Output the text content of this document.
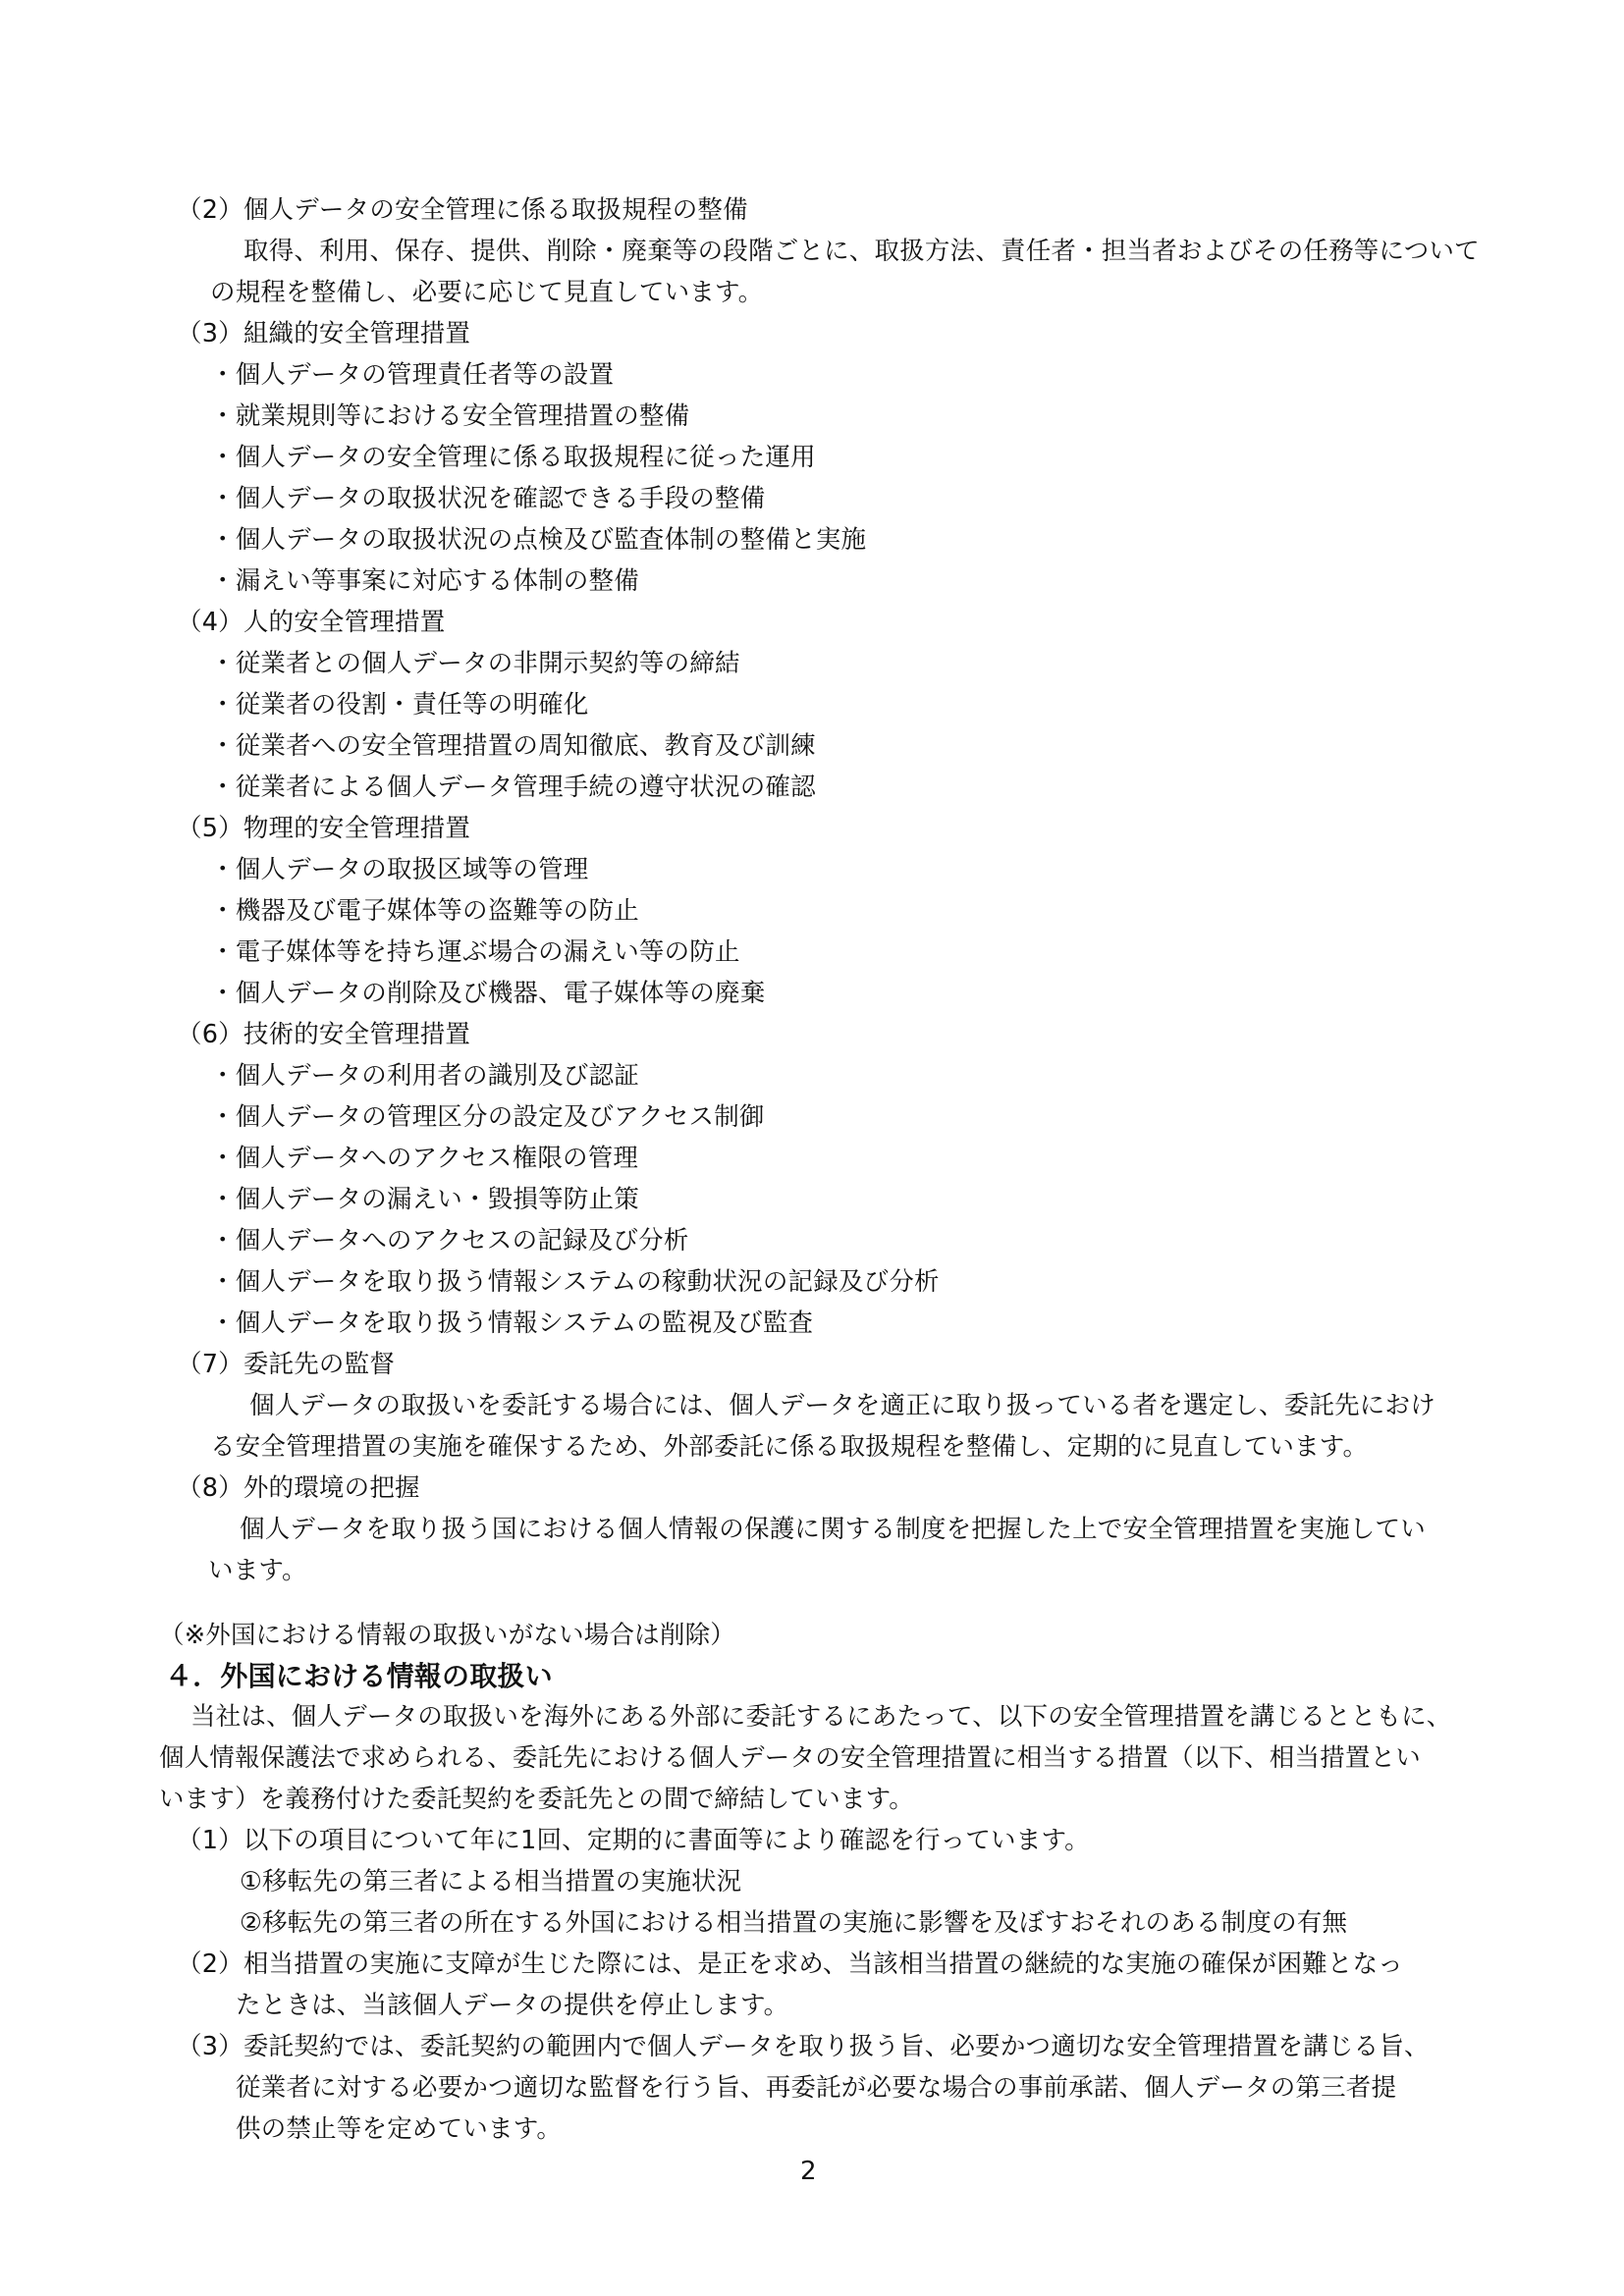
（2）個人データの安全管理に係る取扱規程の整備
取得、利用、保存、提供、削除・廃棄等の段階ごとに、取扱方法、責任者・担当者およびその任務等について
の規程を整備し、必要に応じて見直しています。
（3）組織的安全管理措置
・個人データの管理責任者等の設置
・就業規則等における安全管理措置の整備
・個人データの安全管理に係る取扱規程に従った運用
・個人データの取扱状況を確認できる手段の整備
・個人データの取扱状況の点検及び監査体制の整備と実施
・漏えい等事案に対応する体制の整備
（4）人的安全管理措置
・従業者との個人データの非開示契約等の締結
・従業者の役割・責任等の明確化
・従業者への安全管理措置の周知徹底、教育及び訓練
・従業者による個人データ管理手続の遵守状況の確認
（5）物理的安全管理措置
・個人データの取扱区域等の管理
・機器及び電子媒体等の盗難等の防止
・電子媒体等を持ち運ぶ場合の漏えい等の防止
・個人データの削除及び機器、電子媒体等の廃棄
（6）技術的安全管理措置
・個人データの利用者の識別及び認証
・個人データの管理区分の設定及びアクセス制御
・個人データへのアクセス権限の管理
・個人データの漏えい・毀損等防止策
・個人データへのアクセスの記録及び分析
・個人データを取り扱う情報システムの稼動状況の記録及び分析
・個人データを取り扱う情報システムの監視及び監査
（7）委託先の監督
個人データの取扱いを委託する場合には、個人データを適正に取り扱っている者を選定し、委託先におけ
る安全管理措置の実施を確保するため、外部委託に係る取扱規程を整備し、定期的に見直しています。
（8）外的環境の把握
個人データを取り扱う国における個人情報の保護に関する制度を把握した上で安全管理措置を実施してい
います。
（※外国における情報の取扱いがない場合は削除）
４．外国における情報の取扱い
当社は、個人データの取扱いを海外にある外部に委託するにあたって、以下の安全管理措置を講じるとともに、
個人情報保護法で求められる、委託先における個人データの安全管理措置に相当する措置（以下、相当措置とい
います）を義務付けた委託契約を委託先との間で締結しています。
（1）以下の項目について年に1回、定期的に書面等により確認を行っています。
①移転先の第三者による相当措置の実施状況
②移転先の第三者の所在する外国における相当措置の実施に影響を及ぼすおそれのある制度の有無
（2）相当措置の実施に支障が生じた際には、是正を求め、当該相当措置の継続的な実施の確保が困難となっ
たときは、当該個人データの提供を停止します。
（3）委託契約では、委託契約の範囲内で個人データを取り扱う旨、必要かつ適切な安全管理措置を講じる旨、
従業者に対する必要かつ適切な監督を行う旨、再委託が必要な場合の事前承諾、個人データの第三者提
供の禁止等を定めています。
2
